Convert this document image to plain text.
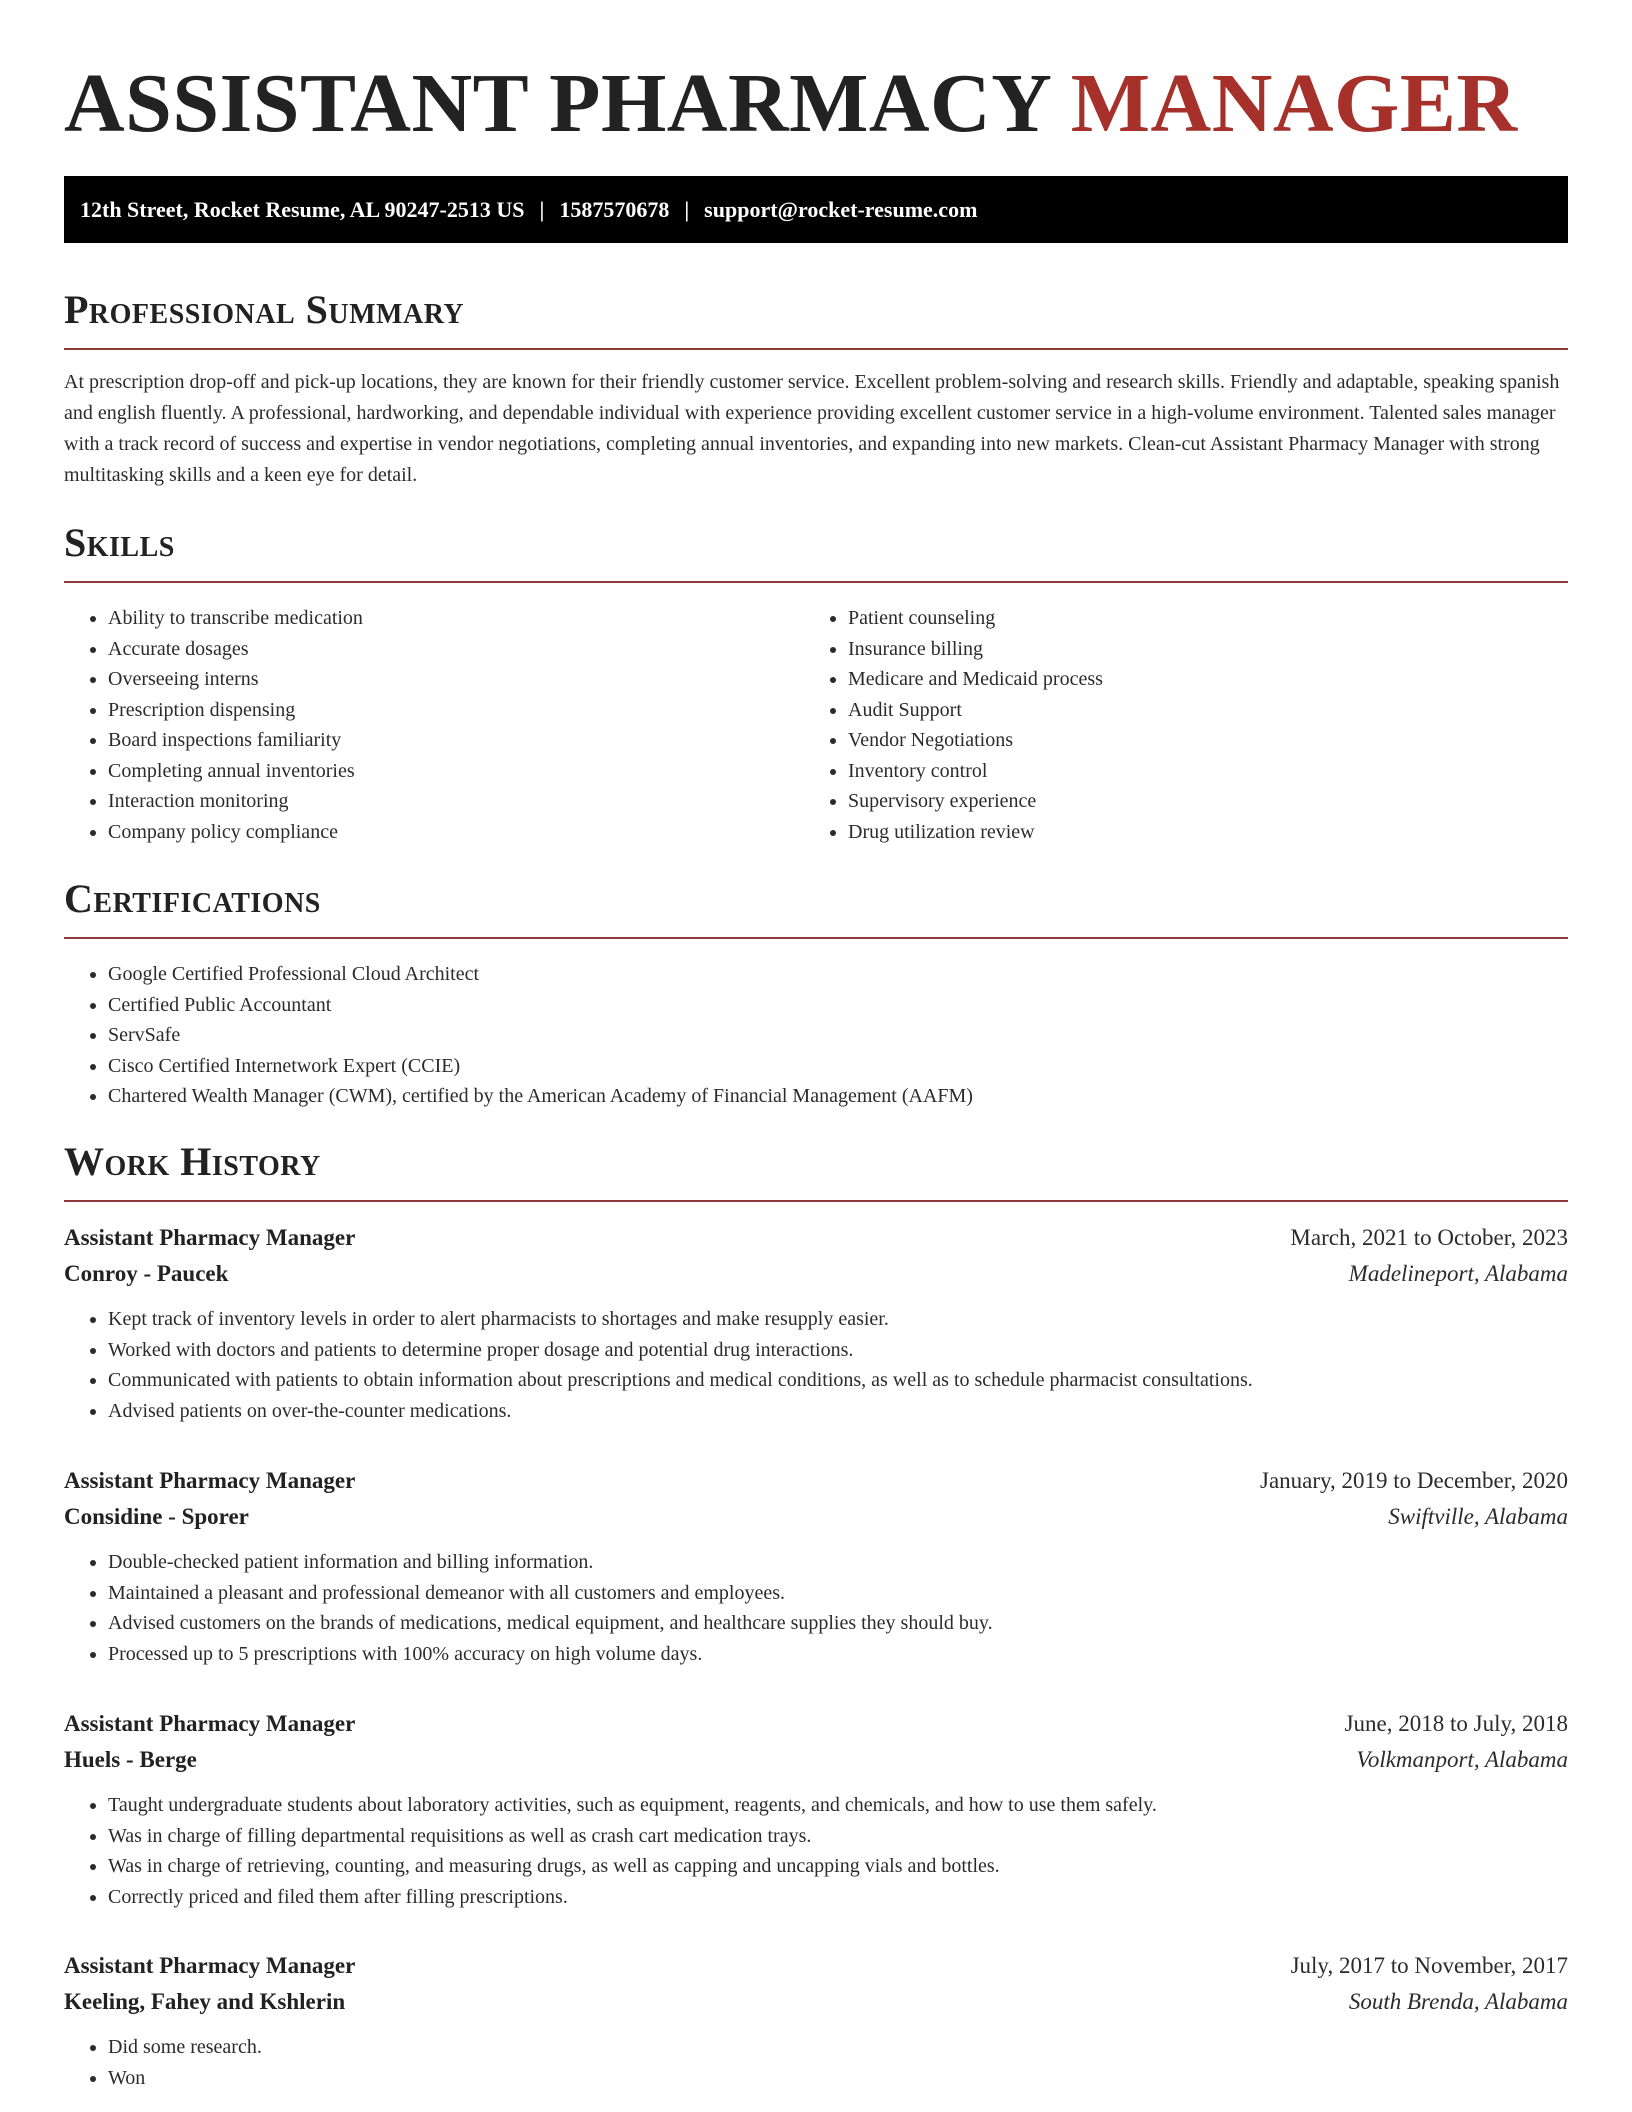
ASSISTANT PHARMACY MANAGER
12th Street, Rocket Resume, AL 90247-2513 US | 1587570678 | support@rocket-resume.com
Professional Summary

At prescription drop-off and pick-up locations, they are known for their friendly customer service. Excellent problem-solving and research skills. Friendly and adaptable, speaking spanish and english fluently. A professional, hardworking, and dependable individual with experience providing excellent customer service in a high-volume environment. Talented sales manager with a track record of success and expertise in vendor negotiations, completing annual inventories, and expanding into new markets. Clean-cut Assistant Pharmacy Manager with strong multitasking skills and a keen eye for detail.

Skills
• Ability to transcribe medication
• Accurate dosages
• Overseeing interns
• Prescription dispensing
• Board inspections familiarity
• Completing annual inventories
• Interaction monitoring
• Company policy compliance
• Patient counseling
• Insurance billing
• Medicare and Medicaid process
• Audit Support
• Vendor Negotiations
• Inventory control
• Supervisory experience
• Drug utilization review
Certifications
• Google Certified Professional Cloud Architect
• Certified Public Accountant
• ServSafe
• Cisco Certified Internetwork Expert (CCIE)
• Chartered Wealth Manager (CWM), certified by the American Academy of Financial Management (AAFM)
Work History
Assistant Pharmacy Manager	March, 2021 to October, 2023
Conroy - Paucek	Madelineport, Alabama
• Kept track of inventory levels in order to alert pharmacists to shortages and make resupply easier.
• Worked with doctors and patients to determine proper dosage and potential drug interactions.
• Communicated with patients to obtain information about prescriptions and medical conditions, as well as to schedule pharmacist consultations.
• Advised patients on over-the-counter medications.
Assistant Pharmacy Manager	January, 2019 to December, 2020
Considine - Sporer	Swiftville, Alabama
• Double-checked patient information and billing information.
• Maintained a pleasant and professional demeanor with all customers and employees.
• Advised customers on the brands of medications, medical equipment, and healthcare supplies they should buy.
• Processed up to 5 prescriptions with 100% accuracy on high volume days.
Assistant Pharmacy Manager	June, 2018 to July, 2018
Huels - Berge	Volkmanport, Alabama
• Taught undergraduate students about laboratory activities, such as equipment, reagents, and chemicals, and how to use them safely.
• Was in charge of filling departmental requisitions as well as crash cart medication trays.
• Was in charge of retrieving, counting, and measuring drugs, as well as capping and uncapping vials and bottles.
• Correctly priced and filed them after filling prescriptions.
Assistant Pharmacy Manager	July, 2017 to November, 2017
Keeling, Fahey and Kshlerin	South Brenda, Alabama
• Did some research.
• Won
